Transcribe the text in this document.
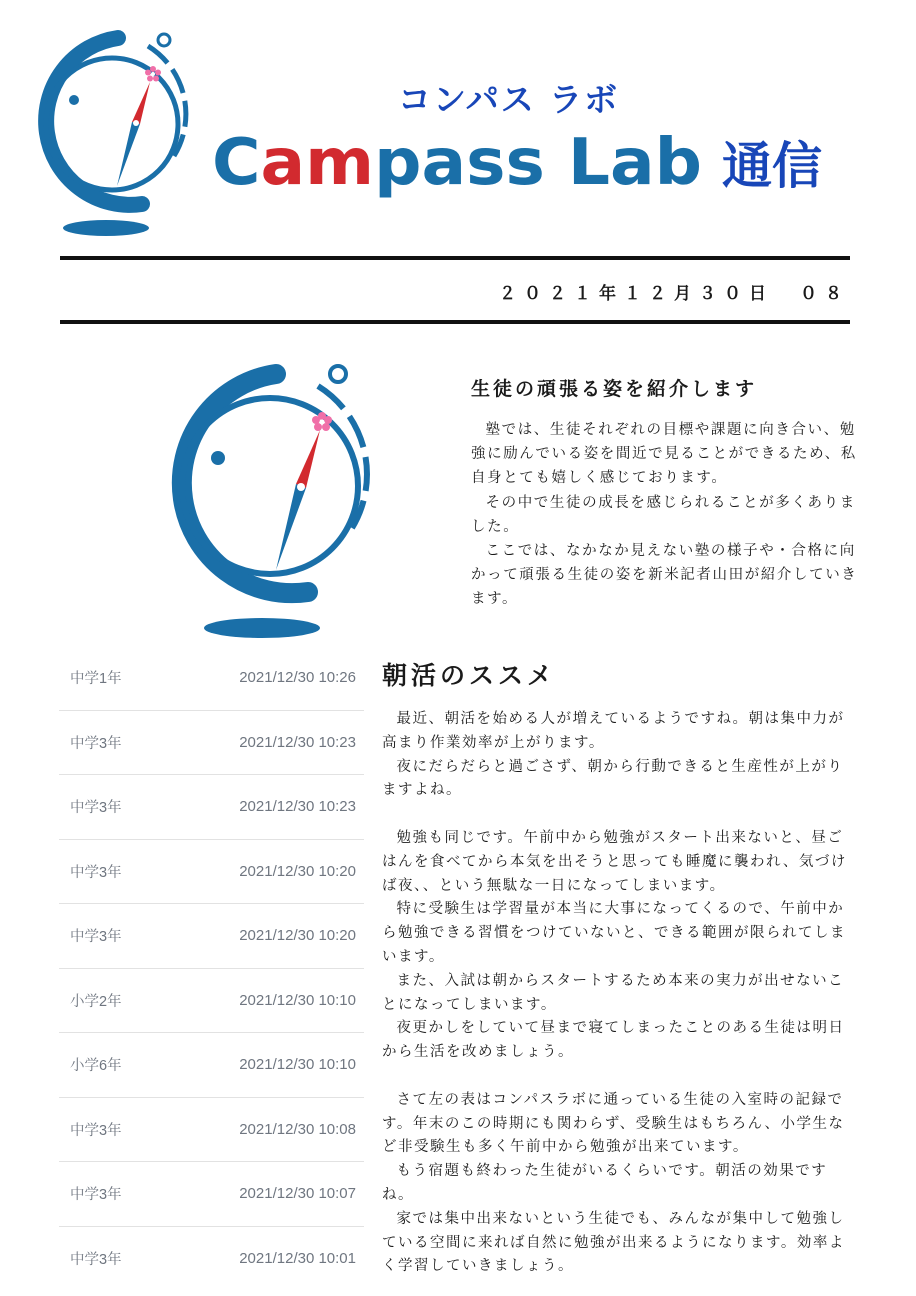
コンパス ラボ
Campass Lab 通信
２０２１年１２月３０日 ０８
生徒の頑張る姿を紹介します

塾では、生徒それぞれの目標や課題に向き合い、勉強に励んでいる姿を間近で見ることができるため、私自身とても嬉しく感じております。

その中で生徒の成長を感じられることが多くありました。

ここでは、なかなか見えない塾の様子や・合格に向かって頑張る生徒の姿を新米記者山田が紹介していきます。

中学1年	2021/12/30 10:26
中学3年	2021/12/30 10:23
中学3年	2021/12/30 10:23
中学3年	2021/12/30 10:20
中学3年	2021/12/30 10:20
小学2年	2021/12/30 10:10
小学6年	2021/12/30 10:10
中学3年	2021/12/30 10:08
中学3年	2021/12/30 10:07
中学3年	2021/12/30 10:01
朝活のススメ

最近、朝活を始める人が増えているようですね。朝は集中力が高まり作業効率が上がります。

夜にだらだらと過ごさず、朝から行動できると生産性が上がりますよね。

勉強も同じです。午前中から勉強がスタート出来ないと、昼ごはんを食べてから本気を出そうと思っても睡魔に襲われ、気づけば夜、、という無駄な一日になってしまいます。

特に受験生は学習量が本当に大事になってくるので、午前中から勉強できる習慣をつけていないと、できる範囲が限られてしまいます。

また、入試は朝からスタートするため本来の実力が出せないことになってしまいます。

夜更かしをしていて昼まで寝てしまったことのある生徒は明日から生活を改めましょう。

さて左の表はコンパスラボに通っている生徒の入室時の記録です。年末のこの時期にも関わらず、受験生はもちろん、小学生など非受験生も多く午前中から勉強が出来ています。

もう宿題も終わった生徒がいるくらいです。朝活の効果ですね。

家では集中出来ないという生徒でも、みんなが集中して勉強している空間に来れば自然に勉強が出来るようになります。効率よく学習していきましょう。
